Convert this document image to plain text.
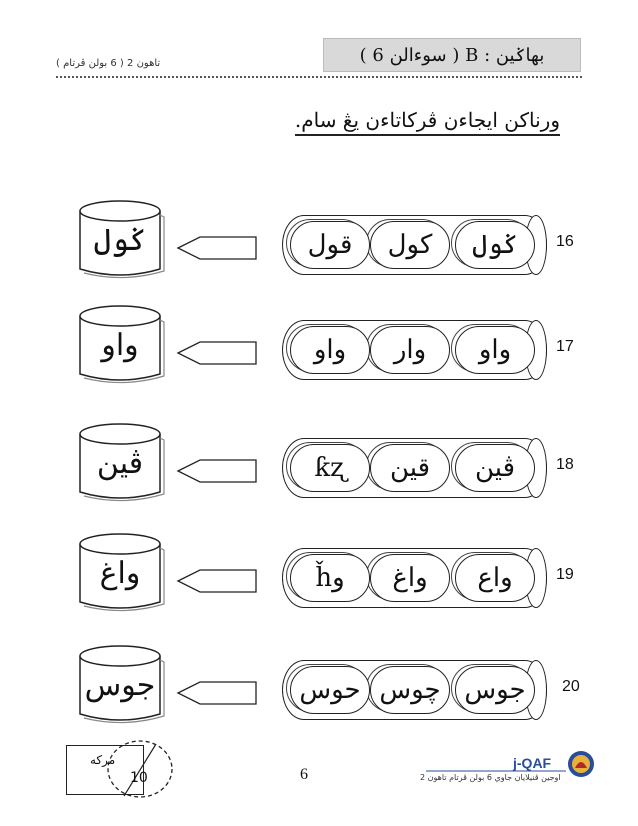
تاهون 2 ( 6 بولن ڤرتام )	بهاݢين : B ( سوءالن 6 )
ورناكن ايجاءن ڤركاتاءن يڠ سام.
16
ݢول
كول
قول
ݢول
17
واو
وار
واو
واو
18
ڤين
قين
ƙʐ
ڤين
19
واع
واغ
وȟ
واغ
20
جوس
چوس
حوس
جوس
مركه
10	6
j-QAF
اوجين ڤنيلايان جاوي 6 بولن ڤرتام تاهون 2
